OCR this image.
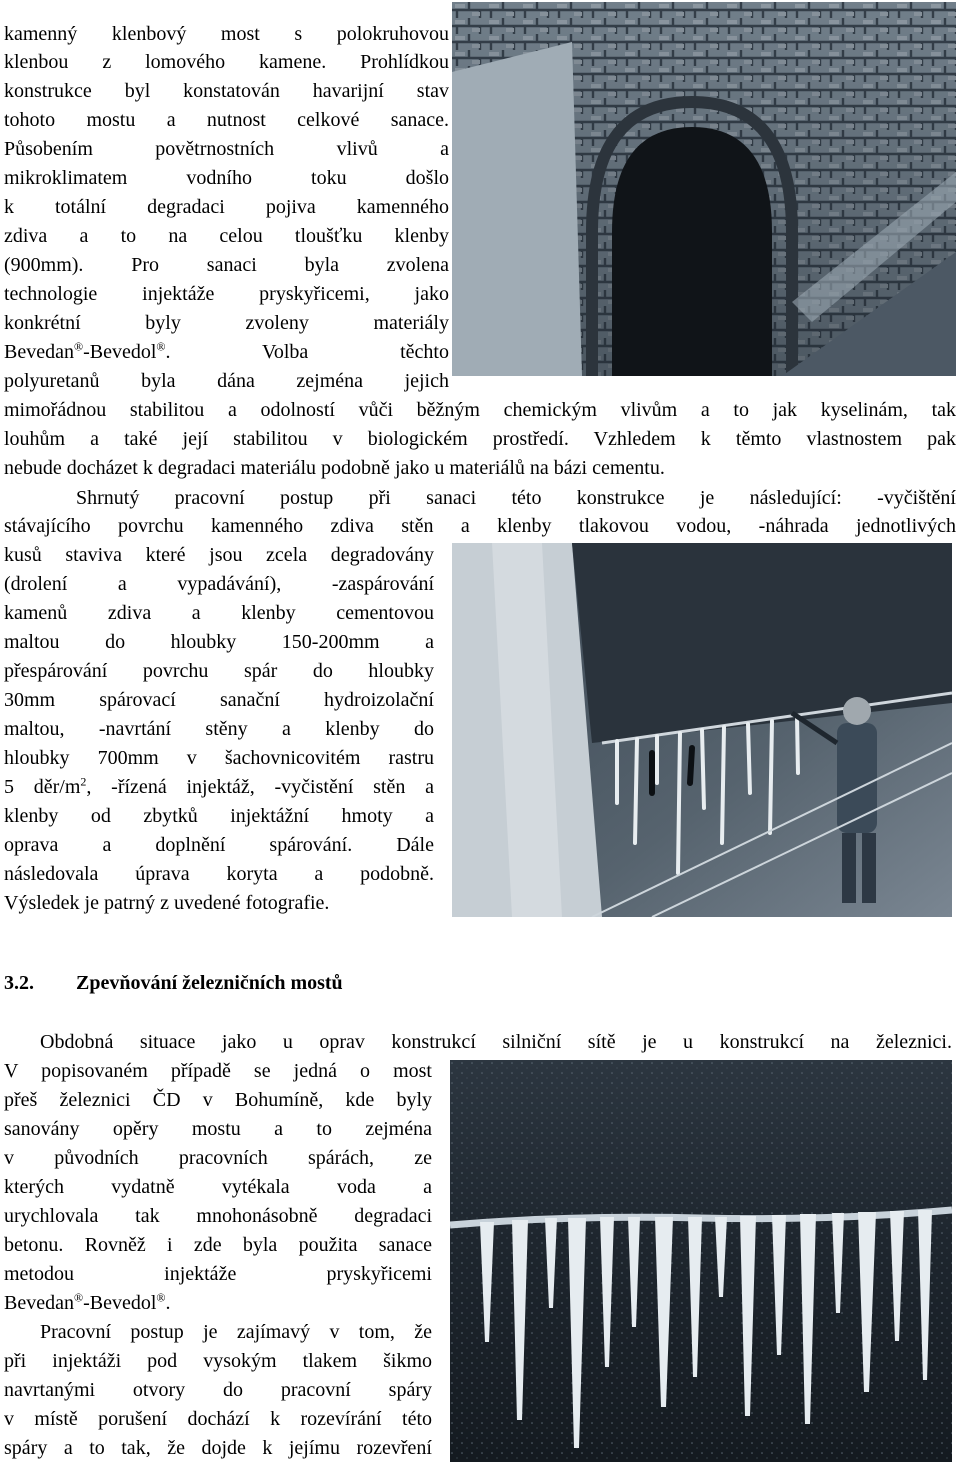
kamenný klenbový most s polokruhovou
klenbou z lomového kamene. Prohlídkou
konstrukce byl konstatován havarijní stav
tohoto mostu a nutnost celkové sanace.
Působením povětrnostních vlivů a
mikroklimatem vodního toku došlo
k totální degradaci pojiva kamenného
zdiva a to na celou tloušťku klenby
(900mm). Pro sanaci byla zvolena
technologie injektáže pryskyřicemi, jako
konkrétní byly zvoleny materiály
Bevedan®-Bevedol®. Volba těchto
polyuretanů byla dána zejména jejich
mimořádnou stabilitou a odolností vůči běžným chemickým vlivům a to jak kyselinám, tak
louhům a také její stabilitou v biologickém prostředí. Vzhledem k těmto vlastnostem pak
nebude docházet k degradaci materiálu podobně jako u materiálů na bázi cementu.
Shrnutý pracovní postup při sanaci této konstrukce je následující: -vyčištění
stávajícího povrchu kamenného zdiva stěn a klenby tlakovou vodou, -náhrada jednotlivých
kusů staviva které jsou zcela degradovány
(drolení a vypadávání), -zaspárování
kamenů zdiva a klenby cementovou
maltou do hloubky 150-200mm a
přespárování povrchu spár do hloubky
30mm spárovací sanační hydroizolační
maltou, -navrtání stěny a klenby do
hloubky 700mm v šachovnicovitém rastru
5 děr/$m^2$, -řízená injektáž, -vyčistění stěn a
klenby od zbytků injektážní hmoty a
oprava a doplnění spárování. Dále
následovala úprava koryta a podobně.
Výsledek je patrný z uvedené fotografie.
3.2. Zpevňování železničních mostů
Obdobná situace jako u oprav konstrukcí silniční sítě je u konstrukcí na železnici.
V popisovaném případě se jedná o most
přeš železnici ČD v Bohumíně, kde byly
sanovány opěry mostu a to zejména
v původních pracovních spárách, ze
kterých vydatně vytékala voda a
urychlovala tak mnohonásobně degradaci
betonu. Rovněž i zde byla použita sanace
metodou injektáže pryskyřicemi
Bevedan®-Bevedol®.
Pracovní postup je zajímavý v tom, že
při injektáži pod vysokým tlakem šikmo
navrtanými otvory do pracovní spáry
v místě porušení dochází k rozevírání této
spáry a to tak, že dojde k jejímu rozevření
